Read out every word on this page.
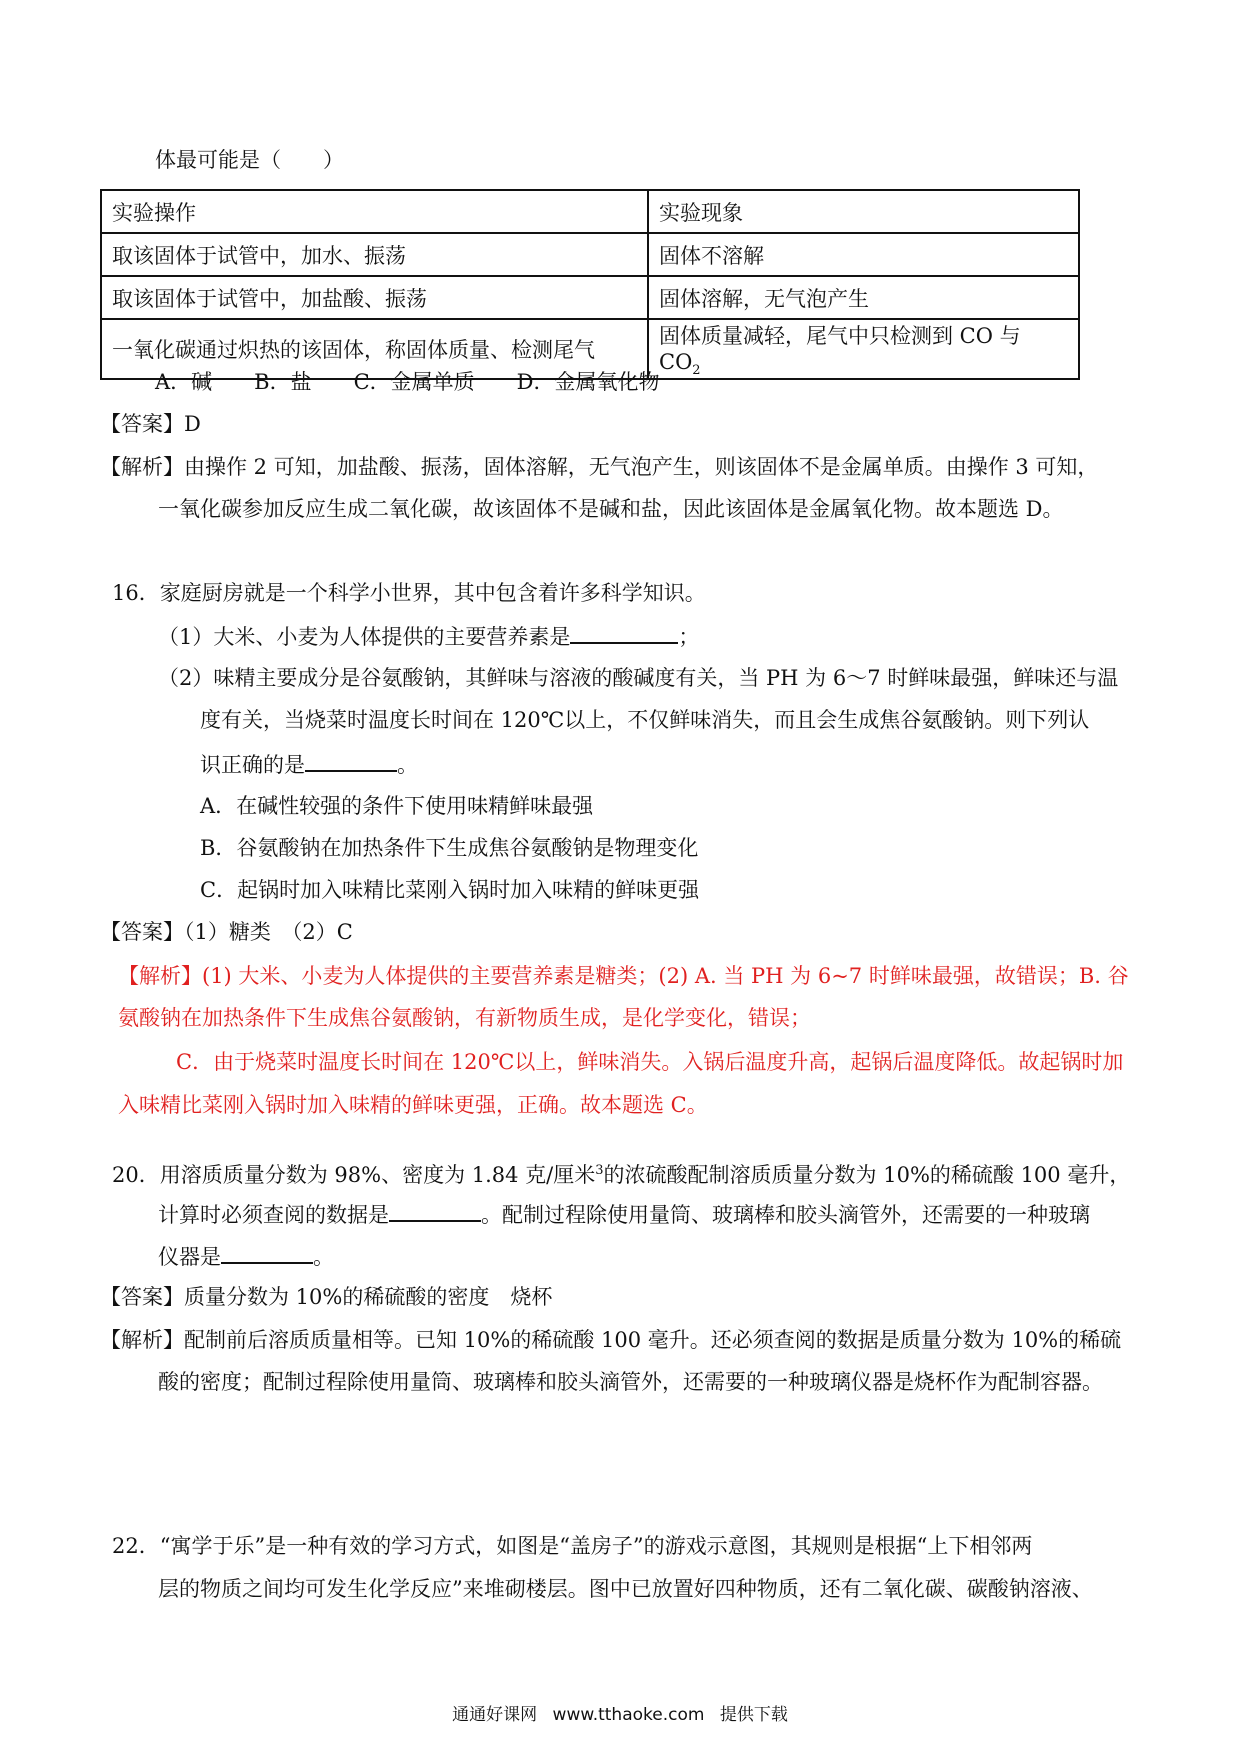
体最可能是（　　）
实验操作	实验现象
取该固体于试管中，加水、振荡	固体不溶解
取该固体于试管中，加盐酸、振荡	固体溶解，无气泡产生
一氧化碳通过炽热的该固体，称固体质量、检测尾气	固体质量减轻，尾气中只检测到 CO 与 $CO_2$
A．碱　　B．盐　　C．金属单质　　D．金属氧化物
【答案】D
【解析】由操作 2 可知，加盐酸、振荡，固体溶解，无气泡产生，则该固体不是金属单质。由操作 3 可知，
一氧化碳参加反应生成二氧化碳，故该固体不是碱和盐，因此该固体是金属氧化物。故本题选 D。
16．家庭厨房就是一个科学小世界，其中包含着许多科学知识。
（1）大米、小麦为人体提供的主要营养素是	；
（2）味精主要成分是谷氨酸钠，其鲜味与溶液的酸碱度有关，当 PH 为 6～7 时鲜味最强，鲜味还与温
度有关，当烧菜时温度长时间在 120℃以上，不仅鲜味消失，而且会生成焦谷氨酸钠。则下列认
识正确的是	。
A．在碱性较强的条件下使用味精鲜味最强
B．谷氨酸钠在加热条件下生成焦谷氨酸钠是物理变化
C．起锅时加入味精比菜刚入锅时加入味精的鲜味更强
【答案】（1）糖类　（2）C
【解析】(1) 大米、小麦为人体提供的主要营养素是糖类；(2) A. 当 PH 为 6~7 时鲜味最强，故错误；B. 谷
氨酸钠在加热条件下生成焦谷氨酸钠，有新物质生成，是化学变化，错误；
C．由于烧菜时温度长时间在 120℃以上，鲜味消失。入锅后温度升高，起锅后温度降低。故起锅时加
入味精比菜刚入锅时加入味精的鲜味更强，正确。故本题选 C。
20．用溶质质量分数为 98%、密度为 1.84 克/厘米$^3$的浓硫酸配制溶质质量分数为 10%的稀硫酸 100 毫升，
计算时必须查阅的数据是	。配制过程除使用量筒、玻璃棒和胶头滴管外，还需要的一种玻璃
仪器是	。
【答案】质量分数为 10%的稀硫酸的密度　烧杯
【解析】配制前后溶质质量相等。已知 10%的稀硫酸 100 毫升。还必须查阅的数据是质量分数为 10%的稀硫
酸的密度；配制过程除使用量筒、玻璃棒和胶头滴管外，还需要的一种玻璃仪器是烧杯作为配制容器。
22．“寓学于乐”是一种有效的学习方式，如图是“盖房子”的游戏示意图，其规则是根据“上下相邻两
层的物质之间均可发生化学反应”来堆砌楼层。图中已放置好四种物质，还有二氧化碳、碳酸钠溶液、
通通好课网 www.tthaoke.com 提供下载
